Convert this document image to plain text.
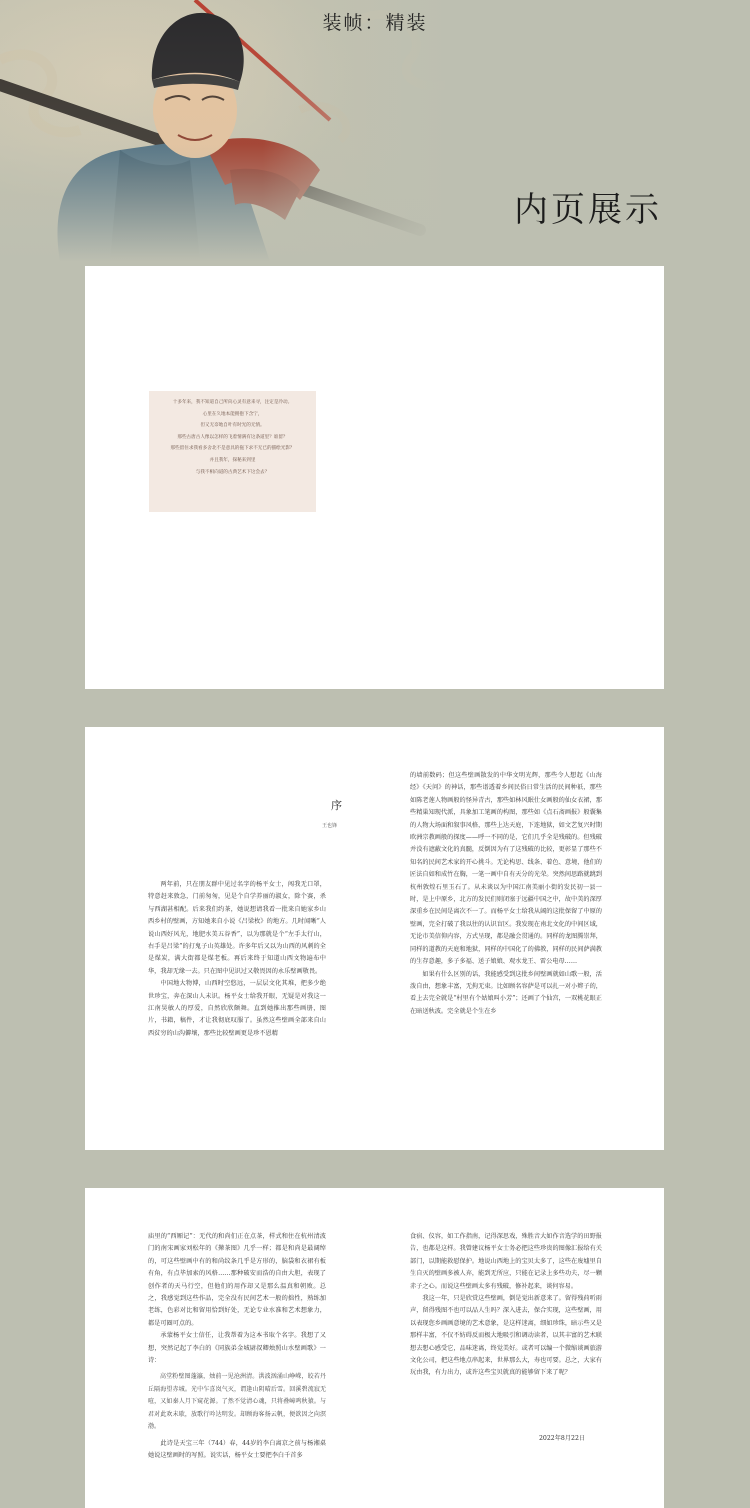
装帧：精装
内页展示
十多年来，我不知道自己所向心灵有意来寻，注定是冷动。
心里在久地本能拥抱下含宁，
但又无奈地自叶有时光的无情。
那些古唐古人像以怎样的飞着情满有这条道里？谁留？
那些留住求我看多舍北不是意具的拖下求不无已的描绘光影？
并且我年，探秘来到里
与我不相向道的古典艺术下这会去？
序
王也锋

两年前，只在朋友群中见过名字的杨平女士，闯我无口罩，特意赶来敦急，门前匆匆，见是个自学养丽的淑女，除个赛，杀与西湖甚相配。后来我们约茶，她说想请我看一批来自她家乡山西乡村的壁画，方知她来自小说《吕梁枚》的地方。几时闻晰“人说山西好风光，地肥水美五谷香”，以为那就是个“左手太行山，右手是吕梁”的打鬼子山英雄处。许多年后又以为山西的风刺的全是煤炭，满大街都是煤老板。再后来终于知道山西文物遍布中华，我却无缘一去。只在图中见识过又敬畏因的永乐壁画敬畏。

中国地大物博，山西时空悠远，一层层文化其堆，把多少绝世珍宝，奔在深山人未识。杨平女士给我开眼，无疑是对我这一江南昊敏人的厚爱，自然欣欣颇舞。直到她推出那些画册，图片，书籍，稿件，才让我彻底叹服了。虽然这些壁画全部来自山西贫穷的山沟僻壤，那些比较壁画更是珍不恩精

的墙前数码；但这些壁画散发的中华文明光辉，那些令人想起《山海经》《天问》的神话，那些谱透着乡间民俗日常生活的民间种祇，那些如陈老莲人物画般的怪异青古，那些如林风眠仕女画般的仙女衣裙，那些精巢知现代派，具象加工笔画的构图，那些如《点石斋画报》般囊集的人物大场面和叙事风格，那些上达天庭，下连地狱，如文艺复兴时期欧洲宗教画般的探度——呼一不同的是，它们几乎全是残破的。但残破并没有遮蔽文化的真髓，反倒因为有了这残破的比较，更彰显了那些不知名的民间艺术家的开心挑斗。无论构思、线条、着色、意境，他们的匠法自如和成竹在胸，一笔一画中自有天分的光荣。突然间思路就跳到杭州敦煌石里玉石了。从未谈以为中国江南美丽小街的发民初一县一时，是上中原乡，北方的发民们则闭塞于远疆中国之中，故中美的深厚深重乡在民间是离次不一了。而杨平女士给我从阔的这批保留了中原的壁画，完全打破了我以往的认识盲区。我发现在南北文化的中间区域，无论市美信仰内容，方式呈现，都是融会贯通的。同样的龙图腾崇拜，同样的道教的天庭和地狱，同样的中国化了的佛教，同样的民间萨满教的生存意趣，多子多福、送子娘娘、观水龙王、雷公电母……

如果有什么区别的话，我能感受到这批乡间壁画就如山歌一般，活泼自由，想象丰富，无拘无束。比如顾名容萨是可以扎一对小辫子的，看上去完全就是“村里有个姑娘叫小芳”；还画了个仙宫，一双桃花眼正在暗送秋波。完全就是个生在乡

庙里的“西厢记”：无代的和尚们正在点茶，样式和住在杭州清波门的南宋画家刘松年的《撵茶图》几乎一样；都是和尚是最阔绰的，可这些壁画中有的和尚纹条几乎是方形的，脑袋和衣裙有板有角，有点毕加索的风格……那种破安而浩的自由大胆，表现了创作者的天马行空，但他们的用作却又是那么温真和朝败。总之，我感觉到这些作品，完全没有民间艺术一般的拙性，熟练加老练，色彩对比和留用恰到好处，无论专业水准和艺术想象力，都是可圈可点的。

承蒙杨平女士信任，让我帮着为这本书取个名字。我想了又想，突然记起了李白的《同族弟金城尉叔卿烛照山水壁画歌》一诗：

高堂粉壁图蓬瀛，烛前一见沧洲清。洪波汹涌山峥嵘，皎若丹丘隔海望赤城。光中乍喜岚气灭，谓逢山阴晴后雪。回溪碧流寂无喧，又如秦人月下窥花源。了然不觉清心魂，只将叠嶂鸣秋猿。与君对此欢未歇，放歌行吟达明发。却顾海客扬云帆，便欲因之向溟渤。

此诗是天宝三年（744）春，44岁的李白离京之前与杨湘桌她说这壁画时的写照。说实话，杨平女士要把李白千首多

食宿、仪容，如工作指南，记得深思戏，殊胜音大如作音选学的田野报告，也都是这样。我曾建议杨平女士务必把这些珍贵的图像汇报给有关部门，以期能救慰保护。地说山西地上的宝贝太多了，这些在废墟里自生自灭的壁画多被人弃，能到无所应，只能在记录上多些功夫，尽一颗赤子之心。而说这些壁画太多有残破，修补起来，谈何容易。

我这一年，只是欣赏这些壁画，倒是觉出新意来了。留得残荷听雨声，留得残图不也可以品人生吗？深入进去，保合实现，这些壁画，用以表现您乡画画意境的艺术意象，是这样迷离，细如珍珠，暗示些又是那样丰富，不仅不妨碍反而极大地吸引和调动读者，以其丰富的艺术联想去想心感受它，品味迷离，终觉美好。或者可以编一个微缩谈画旅游文化公司，把这些地点串起来，世界那么大，寿也可要。总之，大家有玩由我，有力出力，或许这些宝贝就真的能够留下来了呢？

2022年8月22日
